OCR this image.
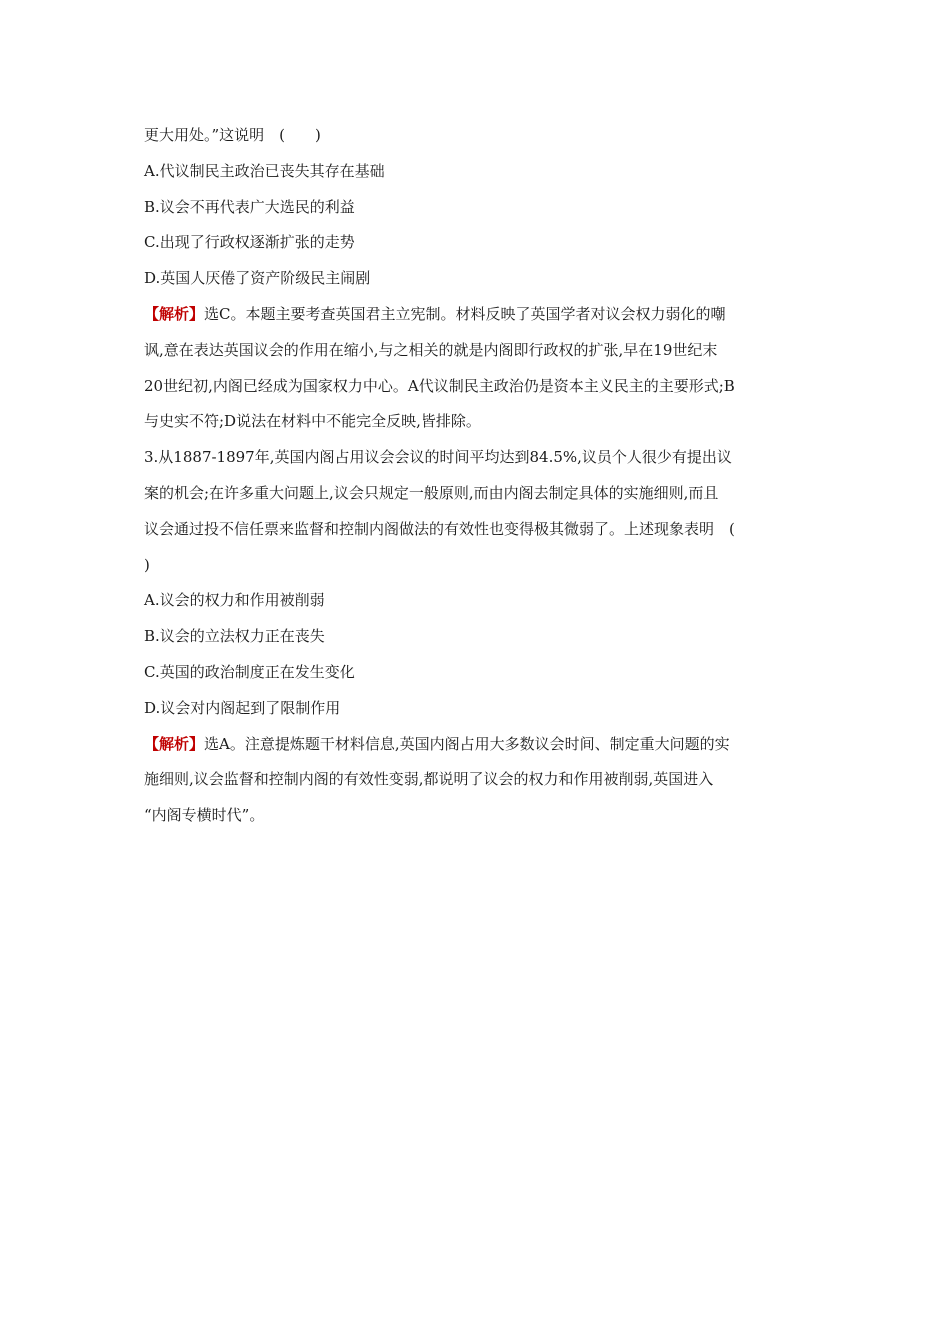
更大用处。”这说明　(　　)
A.代议制民主政治已丧失其存在基础
B.议会不再代表广大选民的利益
C.出现了行政权逐渐扩张的走势
D.英国人厌倦了资产阶级民主闹剧
【解析】选C。本题主要考查英国君主立宪制。材料反映了英国学者对议会权力弱化的嘲
讽,意在表达英国议会的作用在缩小,与之相关的就是内阁即行政权的扩张,早在19世纪末
20世纪初,内阁已经成为国家权力中心。A代议制民主政治仍是资本主义民主的主要形式;B
与史实不符;D说法在材料中不能完全反映,皆排除。
3.从1887-1897年,英国内阁占用议会会议的时间平均达到84.5%,议员个人很少有提出议
案的机会;在许多重大问题上,议会只规定一般原则,而由内阁去制定具体的实施细则,而且
议会通过投不信任票来监督和控制内阁做法的有效性也变得极其微弱了。上述现象表明　(
)
A.议会的权力和作用被削弱
B.议会的立法权力正在丧失
C.英国的政治制度正在发生变化
D.议会对内阁起到了限制作用
【解析】选A。注意提炼题干材料信息,英国内阁占用大多数议会时间、制定重大问题的实
施细则,议会监督和控制内阁的有效性变弱,都说明了议会的权力和作用被削弱,英国进入
“内阁专横时代”。
